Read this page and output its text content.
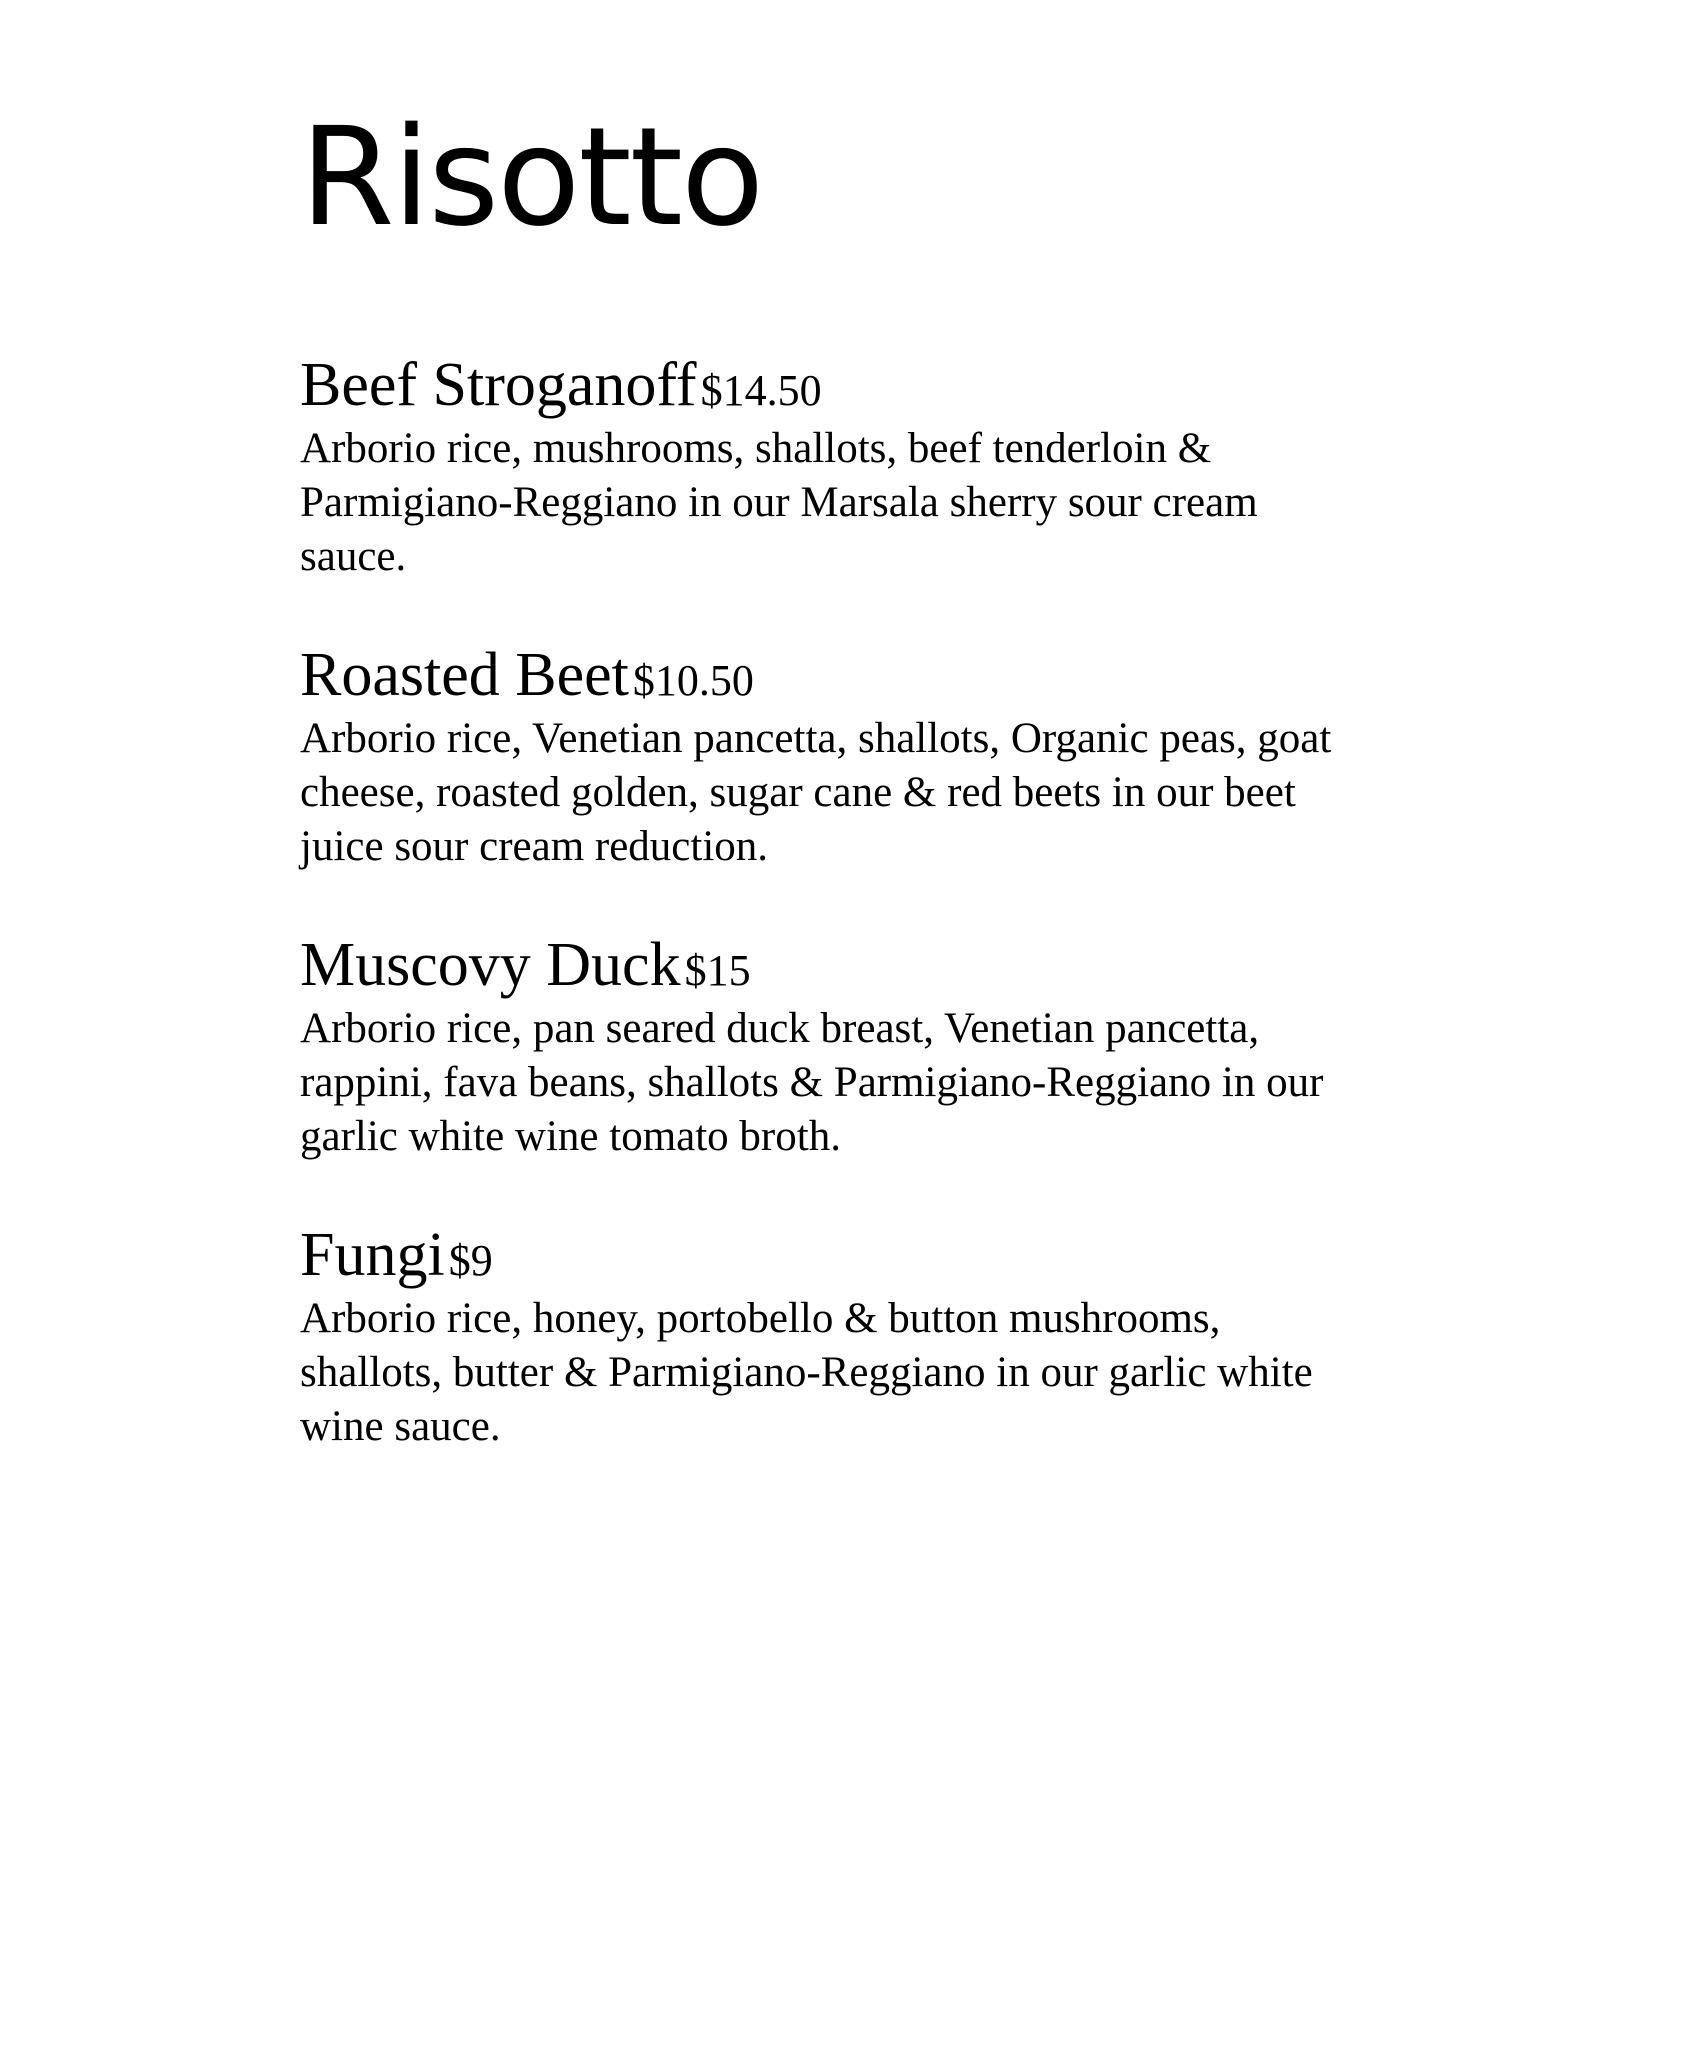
Risotto

Beef Stroganoff $14.50

Arborio rice, mushrooms, shallots, beef tenderloin &
Parmigiano-Reggiano in our Marsala sherry sour cream
sauce.

Roasted Beet $10.50

Arborio rice, Venetian pancetta, shallots, Organic peas, goat
cheese, roasted golden, sugar cane & red beets in our beet
juice sour cream reduction.

Muscovy Duck $15

Arborio rice, pan seared duck breast, Venetian pancetta,
rappini, fava beans, shallots & Parmigiano-Reggiano in our
garlic white wine tomato broth.

Fungi $9

Arborio rice, honey, portobello & button mushrooms,
shallots, butter & Parmigiano-Reggiano in our garlic white
wine sauce.
